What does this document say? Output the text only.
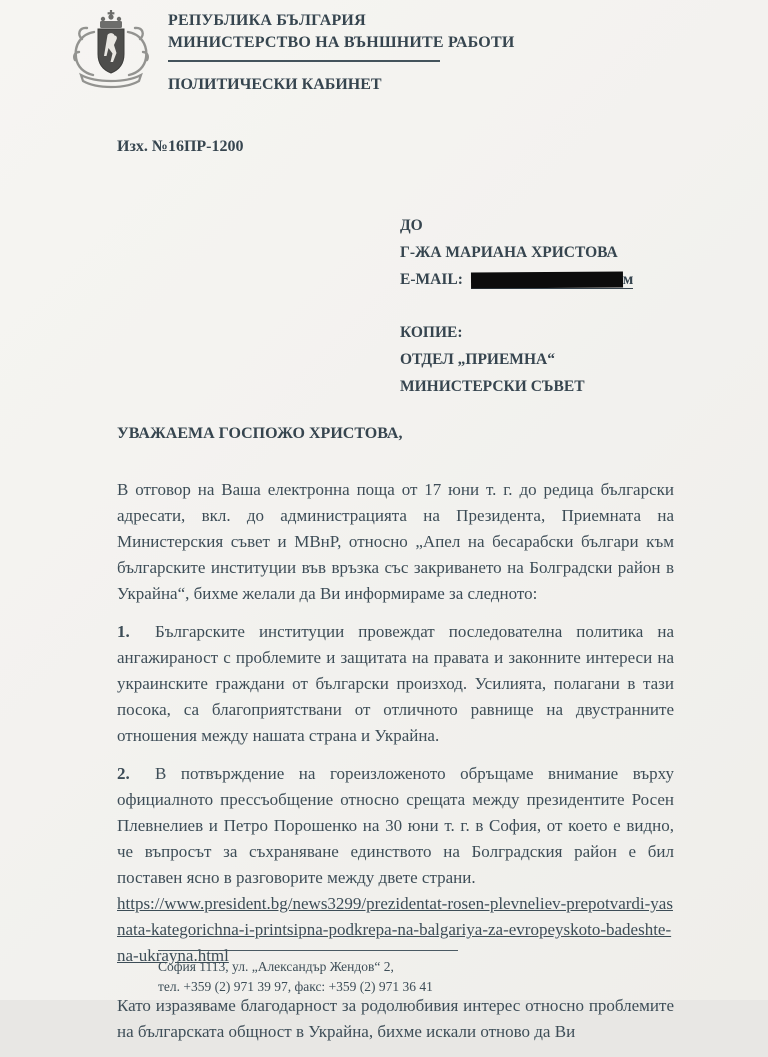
РЕПУБЛИКА БЪЛГАРИЯ
МИНИСТЕРСТВО НА ВЪНШНИТЕ РАБОТИ
ПОЛИТИЧЕСКИ КАБИНЕТ
Изх. №16ПР-1200
ДО
Г-ЖА МАРИАНА ХРИСТОВА
E-MAIL:	м
КОПИЕ:
ОТДЕЛ „ПРИЕМНА“
МИНИСТЕРСКИ СЪВЕТ
УВАЖАЕМА ГОСПОЖО ХРИСТОВА,

В отговор на Ваша електронна поща от 17 юни т. г. до редица български адресати, вкл. до администрацията на Президента, Приемната на Министерския съвет и МВнР, относно „Апел на бесарабски българи към българските институции във връзка със закриването на Болградски район в Украйна“, бихме желали да Ви информираме за следното:

1. Българските институции провеждат последователна политика на ангажираност с проблемите и защитата на правата и законните интереси на украинските граждани от български произход. Усилията, полагани в тази посока, са благоприятствани от отличното равнище на двустранните отношения между нашата страна и Украйна.

2. В потвърждение на гореизложеното обръщаме внимание върху официалното прессъобщение относно срещата между президентите Росен Плевнелиев и Петро Порошенко на 30 юни т. г. в София, от което е видно, че въпросът за съхраняване единството на Болградския район е бил поставен ясно в разговорите между двете страни.

https://www.president.bg/news3299/prezidentat-rosen-plevneliev-prepotvardi-yasnata-kategorichna-i-printsipna-podkrepa-na-balgariya-za-evropeyskoto-badeshte-na-ukrayna.html

Като изразяваме благодарност за родолюбивия интерес относно проблемите на българската общност в Украйна, бихме искали отново да Ви

София 1113, ул. „Александър Жендов“ 2,
тел. +359 (2) 971 39 97, факс: +359 (2) 971 36 41
